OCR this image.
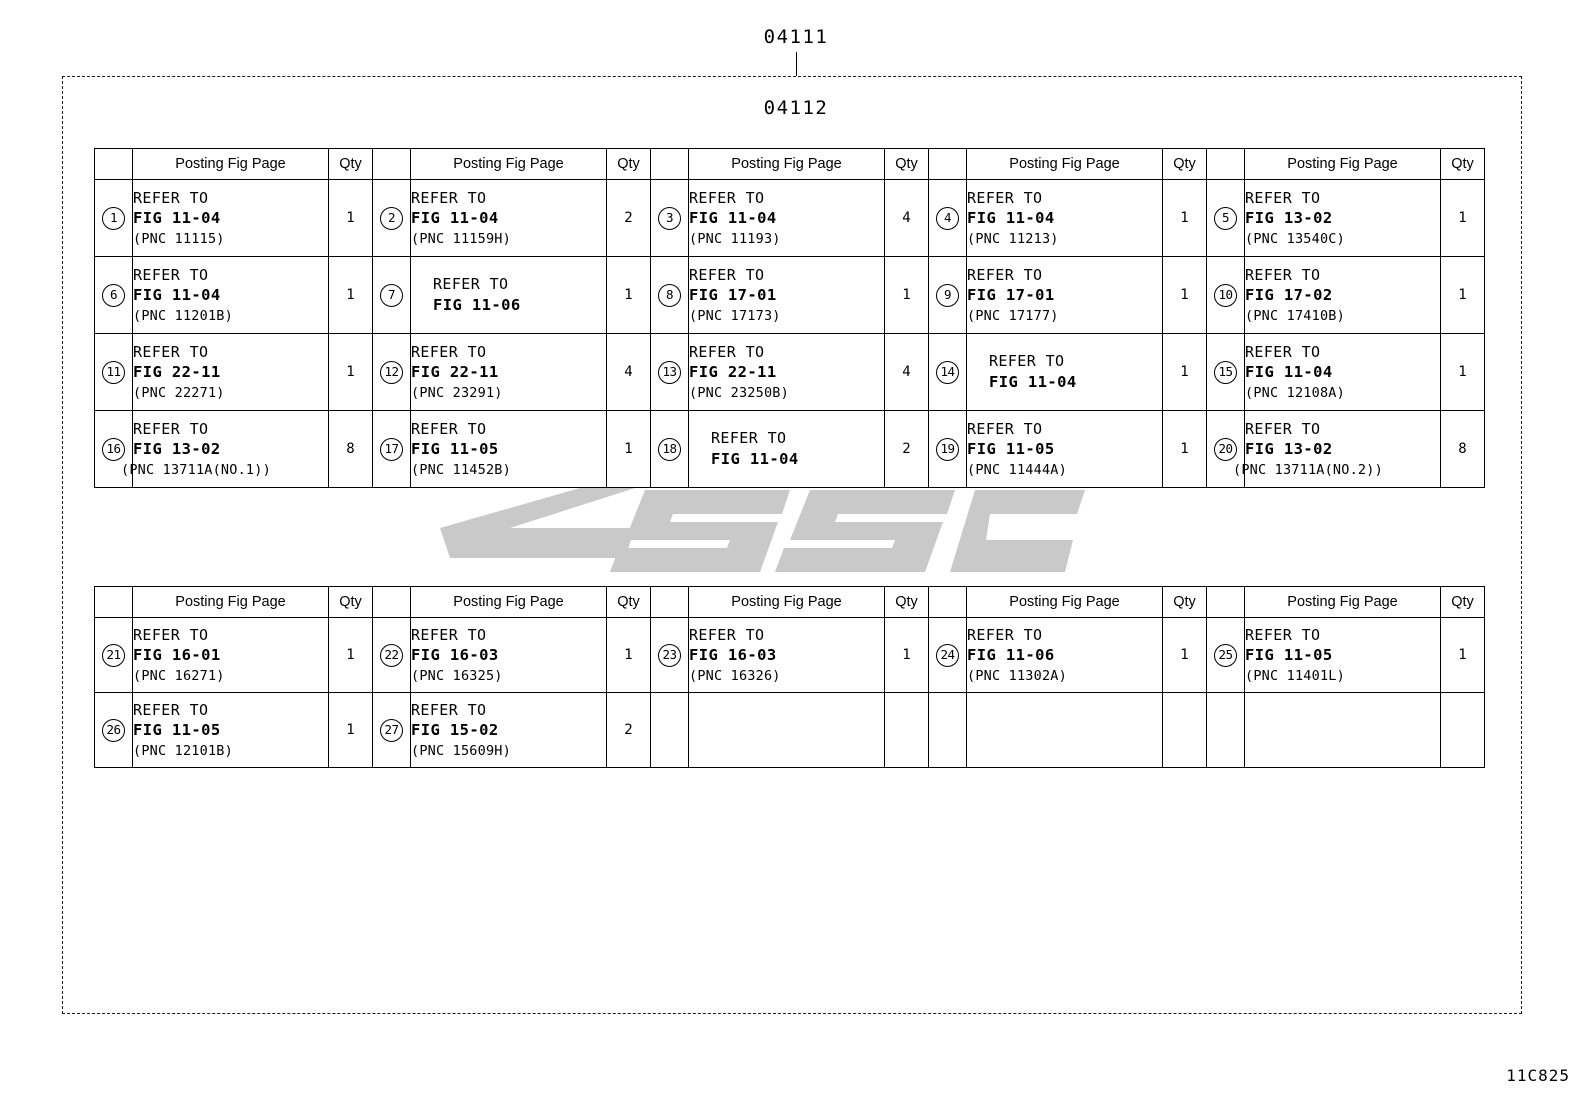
04111
04112
	Posting Fig Page	Qty		Posting Fig Page	Qty		Posting Fig Page	Qty		Posting Fig Page	Qty		Posting Fig Page	Qty
1	
REFER TO
FIG 11-04
(PNC 11115)
	1	2	
REFER TO
FIG 11-04
(PNC 11159H)
	2	3	
REFER TO
FIG 11-04
(PNC 11193)
	4	4	
REFER TO
FIG 11-04
(PNC 11213)
	1	5	
REFER TO
FIG 13-02
(PNC 13540C)
	1
6	
REFER TO
FIG 11-04
(PNC 11201B)
	1	7	
REFER TO
FIG 11-06
	1	8	
REFER TO
FIG 17-01
(PNC 17173)
	1	9	
REFER TO
FIG 17-01
(PNC 17177)
	1	10	
REFER TO
FIG 17-02
(PNC 17410B)
	1
11	
REFER TO
FIG 22-11
(PNC 22271)
	1	12	
REFER TO
FIG 22-11
(PNC 23291)
	4	13	
REFER TO
FIG 22-11
(PNC 23250B)
	4	14	
REFER TO
FIG 11-04
	1	15	
REFER TO
FIG 11-04
(PNC 12108A)
	1
16	
REFER TO
FIG 13-02
(PNC 13711A(NO.1))
	8	17	
REFER TO
FIG 11-05
(PNC 11452B)
	1	18	
REFER TO
FIG 11-04
	2	19	
REFER TO
FIG 11-05
(PNC 11444A)
	1	20	
REFER TO
FIG 13-02
(PNC 13711A(NO.2))
	8
	Posting Fig Page	Qty		Posting Fig Page	Qty		Posting Fig Page	Qty		Posting Fig Page	Qty		Posting Fig Page	Qty
21	
REFER TO
FIG 16-01
(PNC 16271)
	1	22	
REFER TO
FIG 16-03
(PNC 16325)
	1	23	
REFER TO
FIG 16-03
(PNC 16326)
	1	24	
REFER TO
FIG 11-06
(PNC 11302A)
	1	25	
REFER TO
FIG 11-05
(PNC 11401L)
	1
26	
REFER TO
FIG 11-05
(PNC 12101B)
	1	27	
REFER TO
FIG 15-02
(PNC 15609H)
	2									
11C825
